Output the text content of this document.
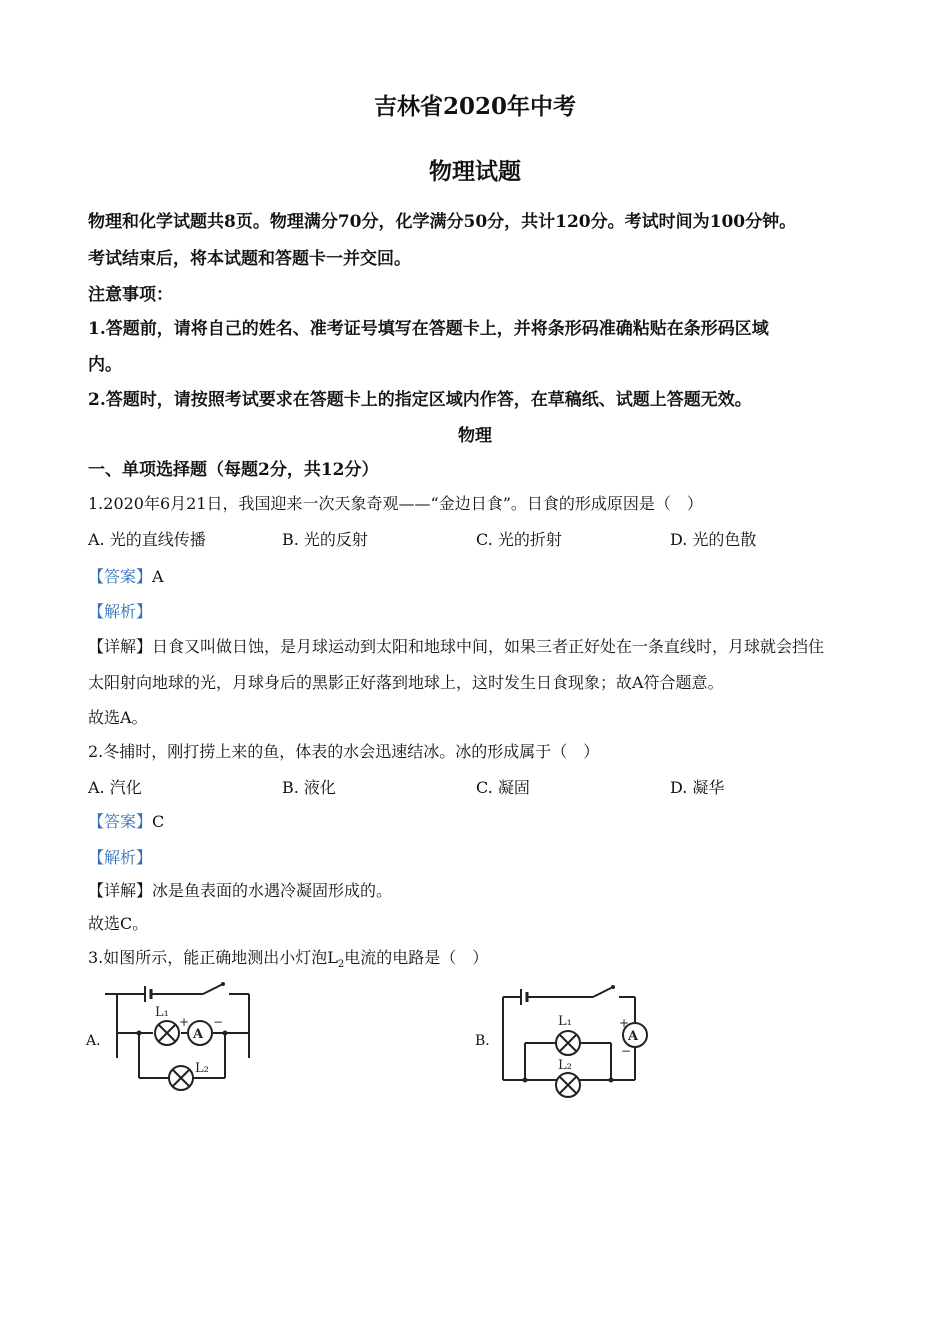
吉林省2020年中考
物理试题
物理和化学试题共8页。物理满分70分，化学满分50分，共计120分。考试时间为100分钟。
考试结束后，将本试题和答题卡一并交回。
注意事项：
1.答题前，请将自己的姓名、准考证号填写在答题卡上，并将条形码准确粘贴在条形码区域
内。
2.答题时，请按照考试要求在答题卡上的指定区域内作答，在草稿纸、试题上答题无效。
物理
一、单项选择题（每题2分，共12分）
1.2020年6月21日，我国迎来一次天象奇观——“金边日食”。日食的形成原因是（　）
A. 光的直线传播	B. 光的反射	C. 光的折射	D. 光的色散
【答案】A
【解析】
【详解】日食又叫做日蚀，是月球运动到太阳和地球中间，如果三者正好处在一条直线时，月球就会挡住
太阳射向地球的光，月球身后的黑影正好落到地球上，这时发生日食现象；故A符合题意。
故选A。
2.冬捕时，刚打捞上来的鱼，体表的水会迅速结冰。冰的形成属于（　）
A. 汽化	B. 液化	C. 凝固	D. 凝华
【答案】C
【解析】
【详解】冰是鱼表面的水遇冷凝固形成的。
故选C。
3.如图所示，能正确地测出小灯泡$L_2$电流的电路是（　）
A.	A
+ −
L₁
L₂
B.	A
+
−
L₁
L₂
